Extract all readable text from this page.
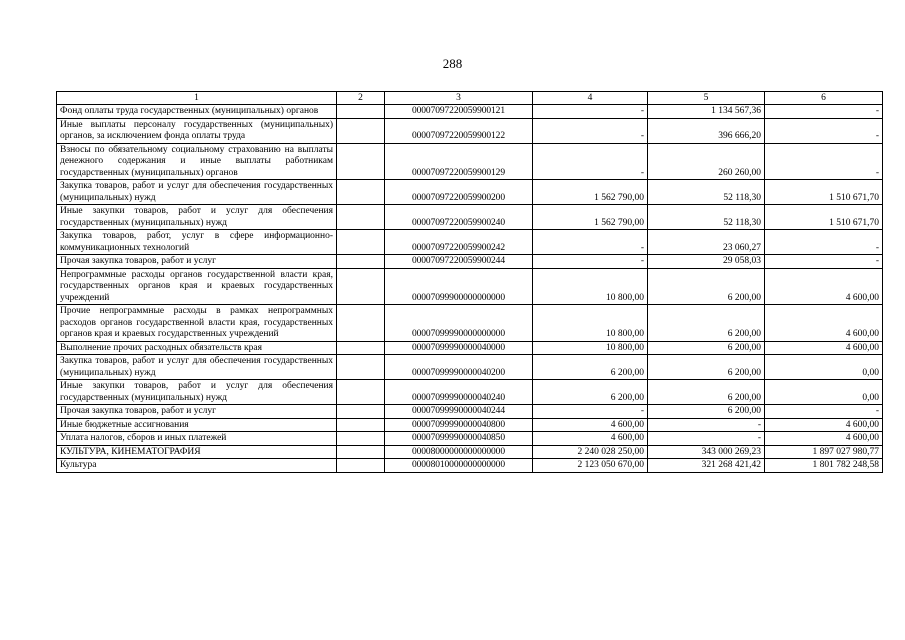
288
1	2	3	4	5	6
Фонд оплаты труда государственных (муниципальных) органов		00007097220059900121	-	1 134 567,36	-
Иные выплаты персоналу государственных (муниципальных) органов, за исключением фонда оплаты труда		00007097220059900122	-	396 666,20	-
Взносы по обязательному социальному страхованию на выплаты денежного содержания и иные выплаты работникам государственных (муниципальных) органов		00007097220059900129	-	260 260,00	-
Закупка товаров, работ и услуг для обеспечения государственных (муниципальных) нужд		00007097220059900200	1 562 790,00	52 118,30	1 510 671,70
Иные закупки товаров, работ и услуг для обеспечения государственных (муниципальных) нужд		00007097220059900240	1 562 790,00	52 118,30	1 510 671,70
Закупка товаров, работ, услуг в сфере информационно-коммуникационных технологий		00007097220059900242	-	23 060,27	-
Прочая закупка товаров, работ и услуг		00007097220059900244	-	29 058,03	-
Непрограммные расходы органов государственной власти края, государственных органов края и краевых государственных учреждений		00007099900000000000	10 800,00	6 200,00	4 600,00
Прочие непрограммные расходы в рамках непрограммных расходов органов государственной власти края, государственных органов края и краевых государственных учреждений		00007099990000000000	10 800,00	6 200,00	4 600,00
Выполнение прочих расходных обязательств края		00007099990000040000	10 800,00	6 200,00	4 600,00
Закупка товаров, работ и услуг для обеспечения государственных (муниципальных) нужд		00007099990000040200	6 200,00	6 200,00	0,00
Иные закупки товаров, работ и услуг для обеспечения государственных (муниципальных) нужд		00007099990000040240	6 200,00	6 200,00	0,00
Прочая закупка товаров, работ и услуг		00007099990000040244	-	6 200,00	-
Иные бюджетные ассигнования		00007099990000040800	4 600,00	-	4 600,00
Уплата налогов, сборов и иных платежей		00007099990000040850	4 600,00	-	4 600,00
КУЛЬТУРА, КИНЕМАТОГРАФИЯ		00008000000000000000	2 240 028 250,00	343 000 269,23	1 897 027 980,77
Культура		00008010000000000000	2 123 050 670,00	321 268 421,42	1 801 782 248,58
